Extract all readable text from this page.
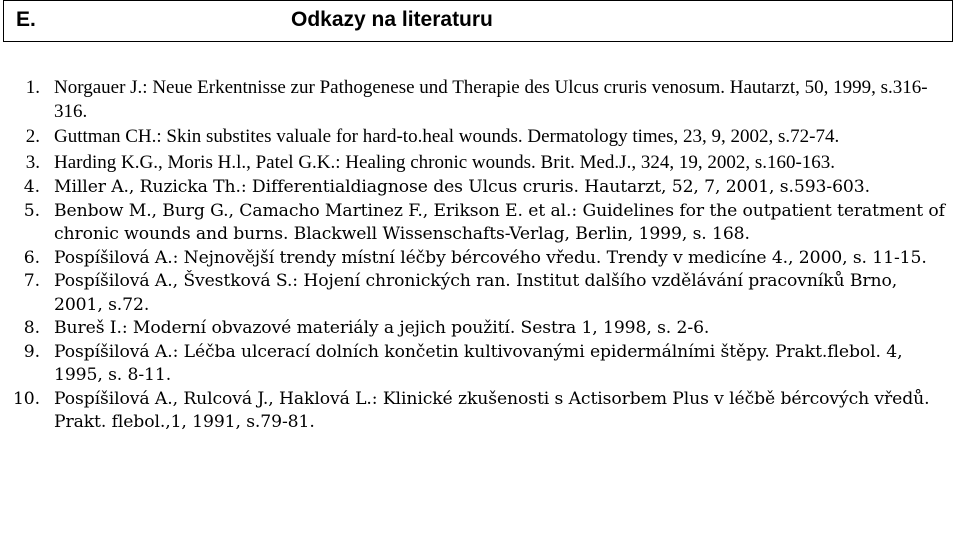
E.	Odkazy na literaturu
1. Norgauer J.: Neue Erkentnisse zur Pathogenese und Therapie des Ulcus cruris venosum. Hautarzt, 50, 1999, s.316-316.
2. Guttman CH.: Skin substites valuale for hard-to.heal wounds. Dermatology times, 23, 9, 2002, s.72-74.
3. Harding K.G., Moris H.l., Patel G.K.: Healing chronic wounds. Brit. Med.J., 324, 19, 2002, s.160-163.
4. Miller A., Ruzicka Th.: Differentialdiagnose des Ulcus cruris. Hautarzt, 52, 7, 2001, s.593-603.
5. Benbow M., Burg G., Camacho Martinez F., Erikson E. et al.: Guidelines for the outpatient teratment of chronic wounds and burns. Blackwell Wissenschafts-Verlag, Berlin, 1999, s. 168.
6. Pospíšilová A.: Nejnovější trendy místní léčby bércového vředu. Trendy v medicíne 4., 2000, s. 11-15.
7. Pospíšilová A., Švestková S.: Hojení chronických ran. Institut dalšího vzdělávání pracovníků Brno, 2001, s.72.
8. Bureš I.: Moderní obvazové materiály a jejich použití. Sestra 1, 1998, s. 2-6.
9. Pospíšilová A.: Léčba ulcerací dolních končetin kultivovanými epidermálními štěpy. Prakt.flebol. 4, 1995, s. 8-11.
10. Pospíšilová A., Rulcová J., Haklová L.: Klinické zkušenosti s Actisorbem Plus v léčbě bércových vředů. Prakt. flebol.,1, 1991, s.79-81.
